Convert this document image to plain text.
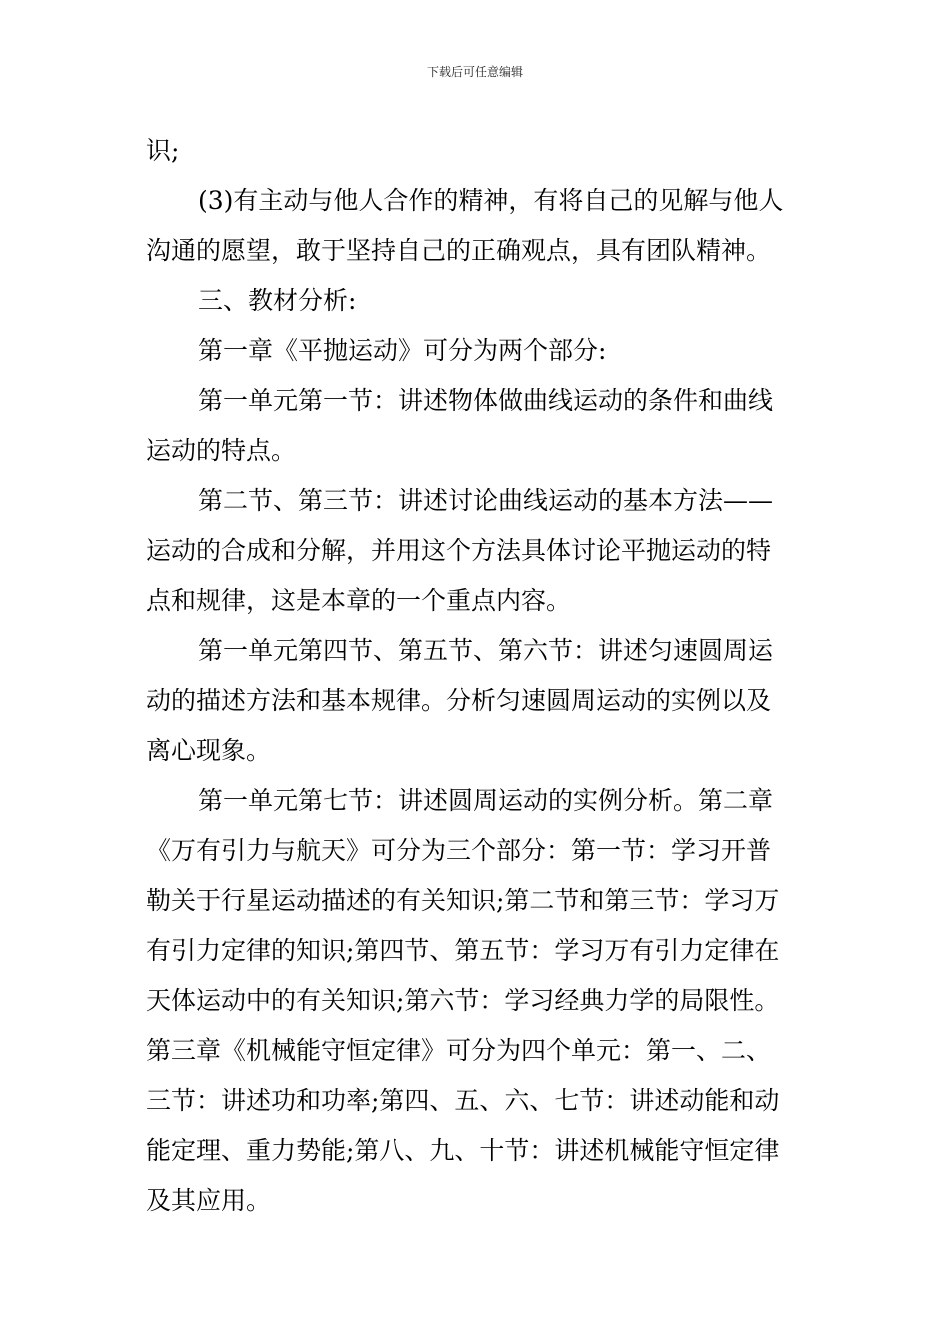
下载后可任意编辑
识;
(3)有主动与他人合作的精神，有将自己的见解与他人
沟通的愿望，敢于坚持自己的正确观点，具有团队精神。
三、教材分析:
第一章《平抛运动》可分为两个部分:
第一单元第一节：讲述物体做曲线运动的条件和曲线
运动的特点。
第二节、第三节：讲述讨论曲线运动的基本方法——
运动的合成和分解，并用这个方法具体讨论平抛运动的特
点和规律，这是本章的一个重点内容。
第一单元第四节、第五节、第六节：讲述匀速圆周运
动的描述方法和基本规律。分析匀速圆周运动的实例以及
离心现象。
第一单元第七节：讲述圆周运动的实例分析。第二章
《万有引力与航天》可分为三个部分：第一节：学习开普
勒关于行星运动描述的有关知识;第二节和第三节：学习万
有引力定律的知识;第四节、第五节：学习万有引力定律在
天体运动中的有关知识;第六节：学习经典力学的局限性。
第三章《机械能守恒定律》可分为四个单元：第一、二、
三节：讲述功和功率;第四、五、六、七节：讲述动能和动
能定理、重力势能;第八、九、十节：讲述机械能守恒定律
及其应用。
